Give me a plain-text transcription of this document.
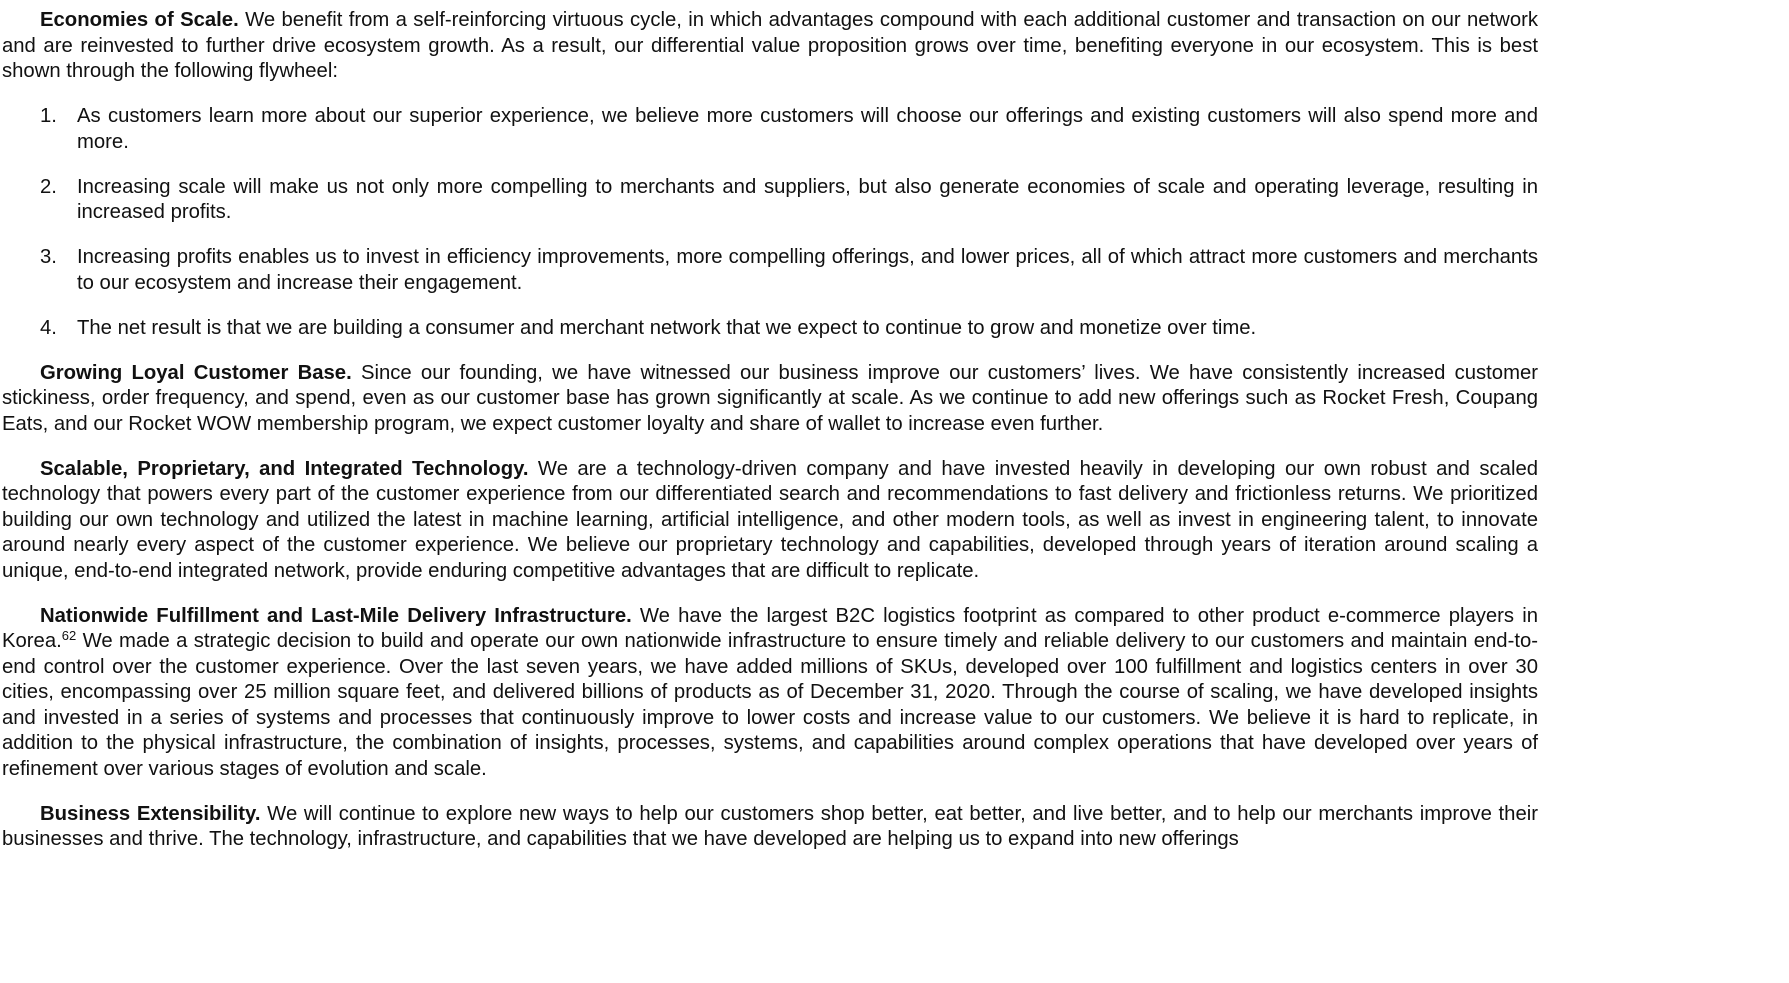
Economies of Scale. We benefit from a self-reinforcing virtuous cycle, in which advantages compound with each additional customer and transaction on our network and are reinvested to further drive ecosystem growth. As a result, our differential value proposition grows over time, benefiting everyone in our ecosystem. This is best shown through the following flywheel:

1. As customers learn more about our superior experience, we believe more customers will choose our offerings and existing customers will also spend more and more.
2. Increasing scale will make us not only more compelling to merchants and suppliers, but also generate economies of scale and operating leverage, resulting in increased profits.
3. Increasing profits enables us to invest in efficiency improvements, more compelling offerings, and lower prices, all of which attract more customers and merchants to our ecosystem and increase their engagement.
4. The net result is that we are building a consumer and merchant network that we expect to continue to grow and monetize over time.

Growing Loyal Customer Base. Since our founding, we have witnessed our business improve our customers’ lives. We have consistently increased customer stickiness, order frequency, and spend, even as our customer base has grown significantly at scale. As we continue to add new offerings such as Rocket Fresh, Coupang Eats, and our Rocket WOW membership program, we expect customer loyalty and share of wallet to increase even further.

Scalable, Proprietary, and Integrated Technology. We are a technology-driven company and have invested heavily in developing our own robust and scaled technology that powers every part of the customer experience from our differentiated search and recommendations to fast delivery and frictionless returns. We prioritized building our own technology and utilized the latest in machine learning, artificial intelligence, and other modern tools, as well as invest in engineering talent, to innovate around nearly every aspect of the customer experience. We believe our proprietary technology and capabilities, developed through years of iteration around scaling a unique, end-to-end integrated network, provide enduring competitive advantages that are difficult to replicate.

Nationwide Fulfillment and Last-Mile Delivery Infrastructure. We have the largest B2C logistics footprint as compared to other product e-commerce players in Korea.$^{62}$ We made a strategic decision to build and operate our own nationwide infrastructure to ensure timely and reliable delivery to our customers and maintain end-to-end control over the customer experience. Over the last seven years, we have added millions of SKUs, developed over 100 fulfillment and logistics centers in over 30 cities, encompassing over 25 million square feet, and delivered billions of products as of December 31, 2020. Through the course of scaling, we have developed insights and invested in a series of systems and processes that continuously improve to lower costs and increase value to our customers. We believe it is hard to replicate, in addition to the physical infrastructure, the combination of insights, processes, systems, and capabilities around complex operations that have developed over years of refinement over various stages of evolution and scale.

Business Extensibility. We will continue to explore new ways to help our customers shop better, eat better, and live better, and to help our merchants improve their businesses and thrive. The technology, infrastructure, and capabilities that we have developed are helping us to expand into new offerings
